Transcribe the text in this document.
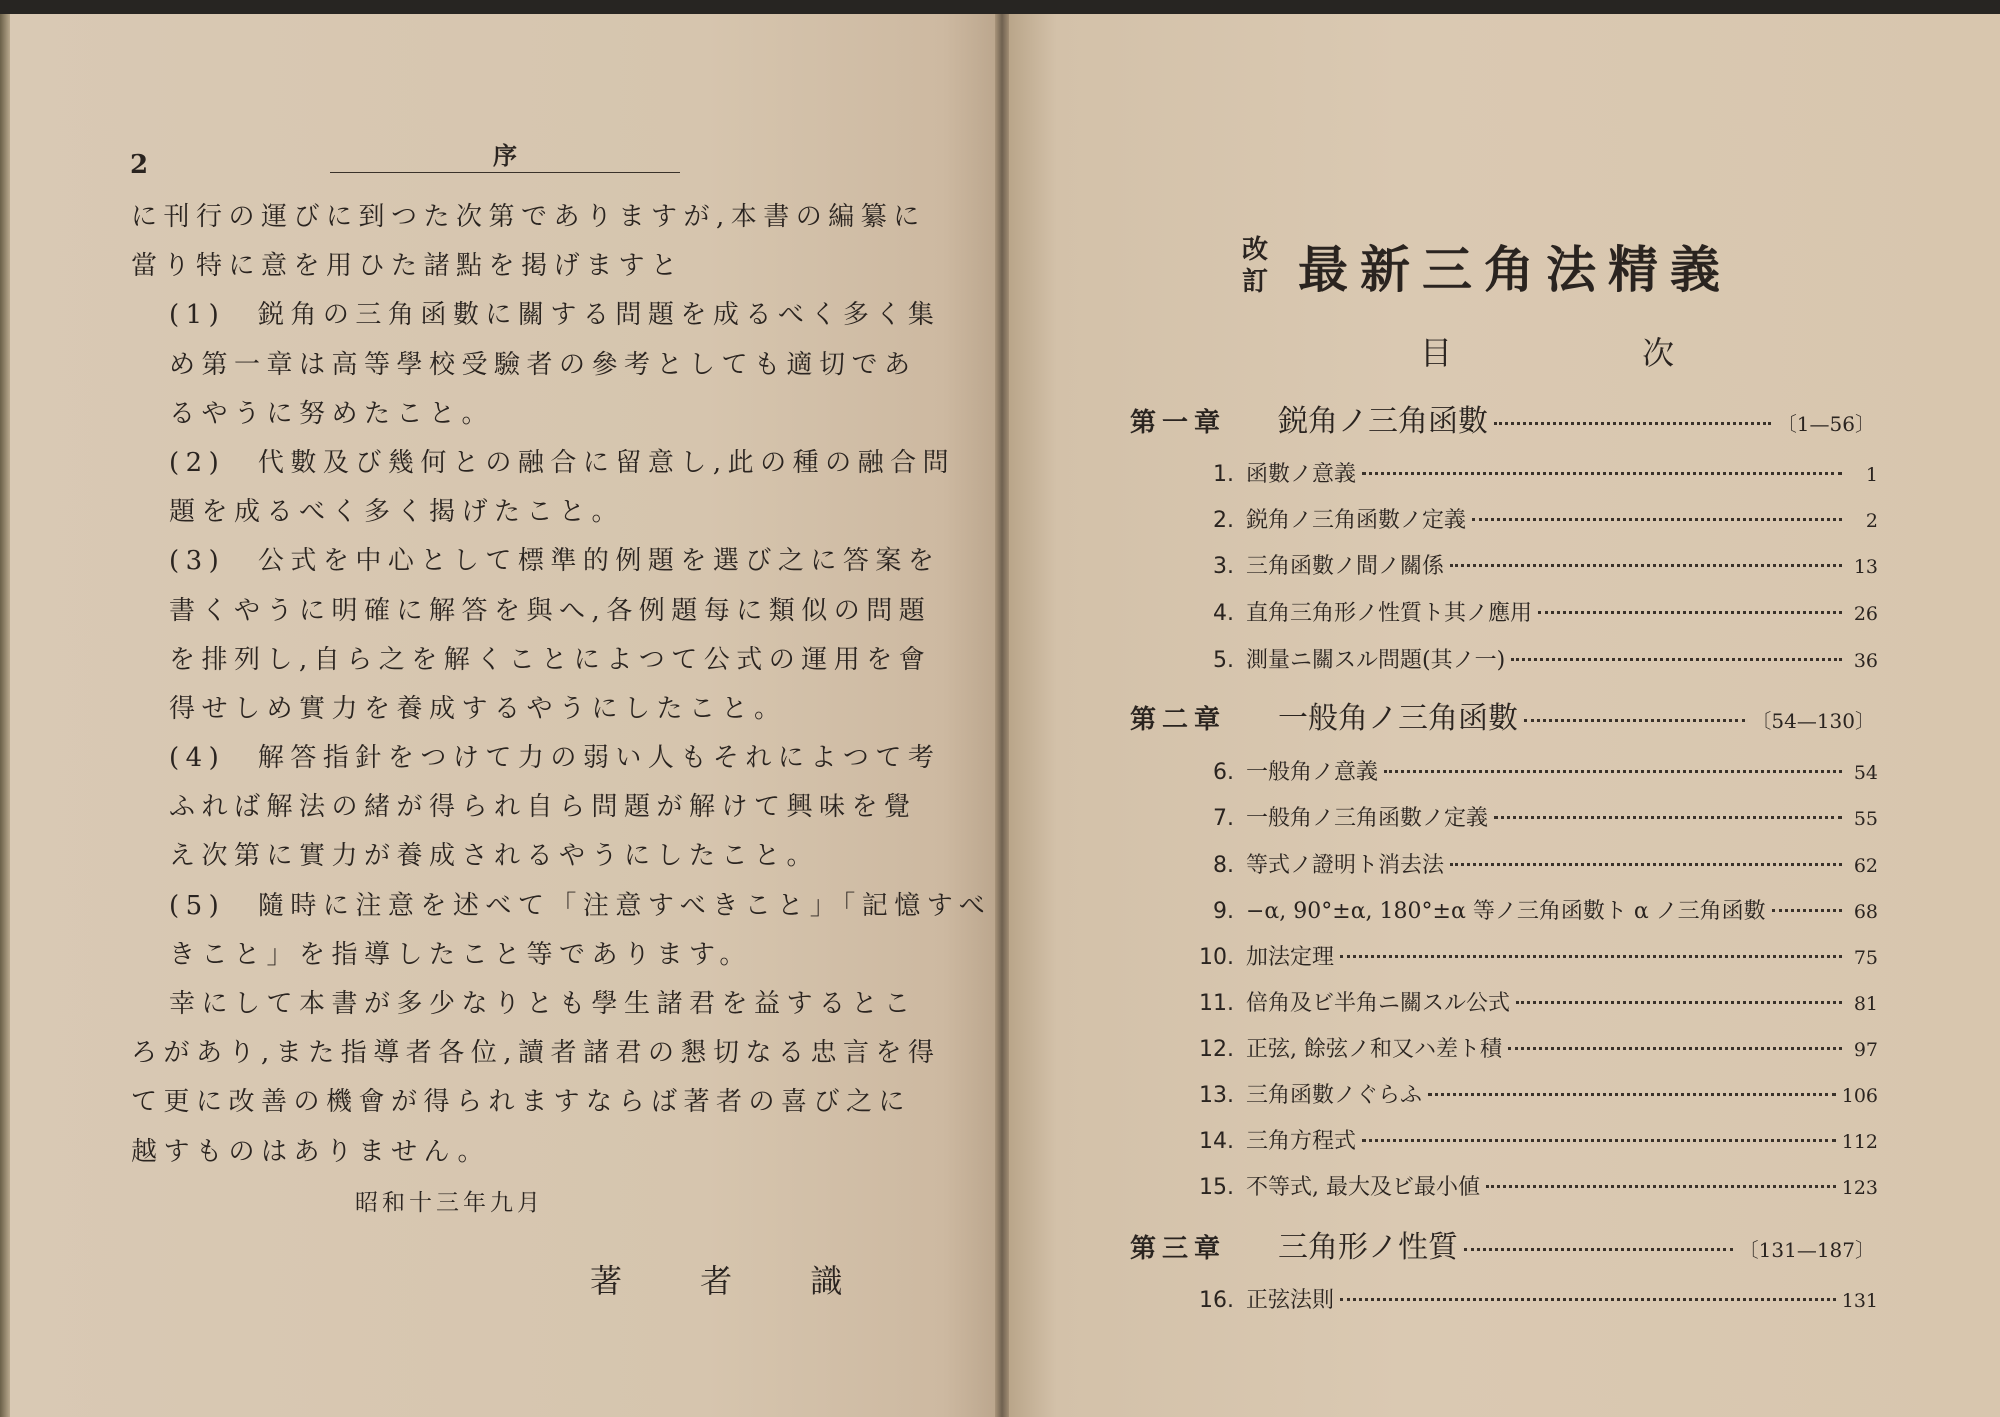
2	序
に刊行の運びに到つた次第でありますが,本書の編纂に
當り特に意を用ひた諸點を掲げますと
(1)　鋭角の三角函數に關する問題を成るべく多く集
め第一章は高等學校受驗者の參考としても適切であ
るやうに努めたこと。
(2)　代數及び幾何との融合に留意し,此の種の融合問
題を成るべく多く揭げたこと。
(3)　公式を中心として標準的例題を選び之に答案を
書くやうに明確に解答を與へ,各例題每に類似の問題
を排列し,自ら之を解くことによつて公式の運用を會
得せしめ實力を養成するやうにしたこと。
(4)　解答指針をつけて力の弱い人もそれによつて考
ふれば解法の緒が得られ自ら問題が解けて興味を覺
え次第に實力が養成されるやうにしたこと。
(5)　隨時に注意を述べて「注意すべきこと」「記憶すべ
きこと」を指導したこと等であります。
幸にして本書が多少なりとも學生諸君を益するとこ
ろがあり,また指導者各位,讀者諸君の懇切なる忠言を得
て更に改善の機會が得られますならば著者の喜び之に
越すものはありません。
昭和十三年九月
著 者 識
改訂 最新三角法精義
目 次
第一章	鋭角ノ三角函數	〔1—56〕
1. 函數ノ意義	1
2. 鋭角ノ三角函數ノ定義	2
3. 三角函數ノ間ノ關係	13
4. 直角三角形ノ性質ト其ノ應用	26
5. 測量ニ關スル問題(其ノ一)	36
第二章	一般角ノ三角函數	〔54—130〕
6. 一般角ノ意義	54
7. 一般角ノ三角函數ノ定義	55
8. 等式ノ證明ト消去法	62
9. −α, 90°±α, 180°±α 等ノ三角函數ト α ノ三角函數	68
10. 加法定理	75
11. 倍角及ビ半角ニ關スル公式	81
12. 正弦, 餘弦ノ和又ハ差ト積	97
13. 三角函數ノぐらふ	106
14. 三角方程式	112
15. 不等式, 最大及ビ最小値	123
第三章	三角形ノ性質	〔131—187〕
16. 正弦法則	131
